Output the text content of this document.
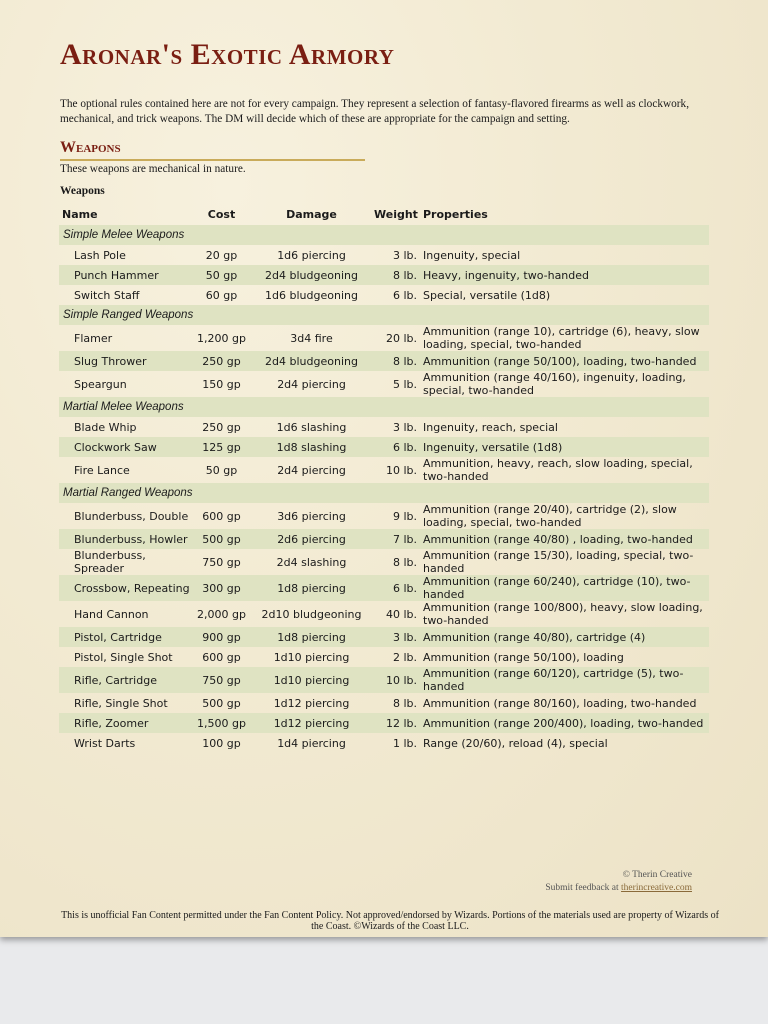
Aronar's Exotic Armory
The optional rules contained here are not for every campaign. They represent a selection of fantasy-flavored firearms as well as clockwork, mechanical, and trick weapons. The DM will decide which of these are appropriate for the campaign and setting.
Weapons
These weapons are mechanical in nature.
Weapons
Name	Cost	Damage	Weight Properties
Simple Melee Weapons
Lash Pole	20 gp	1d6 piercing	3 lb. Ingenuity, special
Punch Hammer	50 gp	2d4 bludgeoning	8 lb. Heavy, ingenuity, two-handed
Switch Staff	60 gp	1d6 bludgeoning	6 lb. Special, versatile (1d8)
Simple Ranged Weapons
Flamer	1,200 gp	3d4 fire	20 lb. Ammunition (range 10), cartridge (6), heavy, slow loading, special, two-handed
Slug Thrower	250 gp	2d4 bludgeoning	8 lb. Ammunition (range 50/100), loading, two-handed
Speargun	150 gp	2d4 piercing	5 lb. Ammunition (range 40/160), ingenuity, loading, special, two-handed
Martial Melee Weapons
Blade Whip	250 gp	1d6 slashing	3 lb. Ingenuity, reach, special
Clockwork Saw	125 gp	1d8 slashing	6 lb. Ingenuity, versatile (1d8)
Fire Lance	50 gp	2d4 piercing	10 lb. Ammunition, heavy, reach, slow loading, special, two-handed
Martial Ranged Weapons
Blunderbuss, Double	600 gp	3d6 piercing	9 lb. Ammunition (range 20/40), cartridge (2), slow loading, special, two-handed
Blunderbuss, Howler	500 gp	2d6 piercing	7 lb. Ammunition (range 40/80) , loading, two-handed
Blunderbuss, Spreader	750 gp	2d4 slashing	8 lb. Ammunition (range 15/30), loading, special, two-handed
Crossbow, Repeating	300 gp	1d8 piercing	6 lb. Ammunition (range 60/240), cartridge (10), two-handed
Hand Cannon	2,000 gp	2d10 bludgeoning	40 lb. Ammunition (range 100/800), heavy, slow loading, two-handed
Pistol, Cartridge	900 gp	1d8 piercing	3 lb. Ammunition (range 40/80), cartridge (4)
Pistol, Single Shot	600 gp	1d10 piercing	2 lb. Ammunition (range 50/100), loading
Rifle, Cartridge	750 gp	1d10 piercing	10 lb. Ammunition (range 60/120), cartridge (5), two-handed
Rifle, Single Shot	500 gp	1d12 piercing	8 lb. Ammunition (range 80/160), loading, two-handed
Rifle, Zoomer	1,500 gp	1d12 piercing	12 lb. Ammunition (range 200/400), loading, two-handed
Wrist Darts	100 gp	1d4 piercing	1 lb. Range (20/60), reload (4), special
© Therin Creative
Submit feedback at therincreative.com
This is unofficial Fan Content permitted under the Fan Content Policy. Not approved/endorsed by Wizards. Portions of the materials used are property of Wizards of the Coast. ©Wizards of the Coast LLC.
